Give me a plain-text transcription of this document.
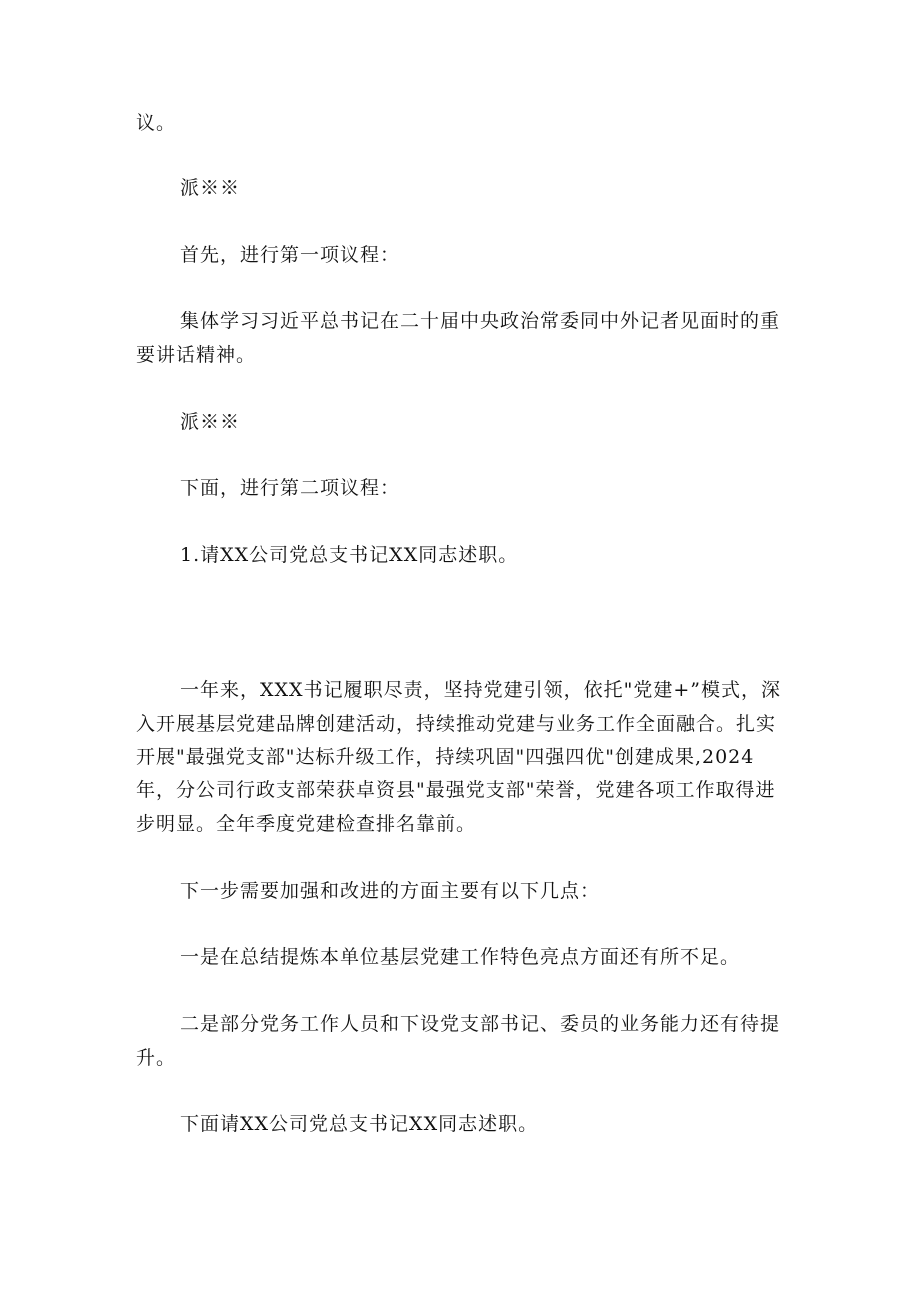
议。
派※※
首先，进行第一项议程：
集体学习习近平总书记在二十届中央政治常委同中外记者见面时的重
要讲话精神。
派※※
下面，进行第二项议程：
1.请XX公司党总支书记XX同志述职。
一年来，XXX书记履职尽责，坚持党建引领，依托"党建+”模式，深
入开展基层党建品牌创建活动，持续推动党建与业务工作全面融合。扎实
开展"最强党支部"达标升级工作，持续巩固"四强四优"创建成果,2024
年，分公司行政支部荣获卓资县"最强党支部"荣誉，党建各项工作取得进
步明显。全年季度党建检查排名靠前。
下一步需要加强和改进的方面主要有以下几点：
一是在总结提炼本单位基层党建工作特色亮点方面还有所不足。
二是部分党务工作人员和下设党支部书记、委员的业务能力还有待提
升。
下面请XX公司党总支书记XX同志述职。
